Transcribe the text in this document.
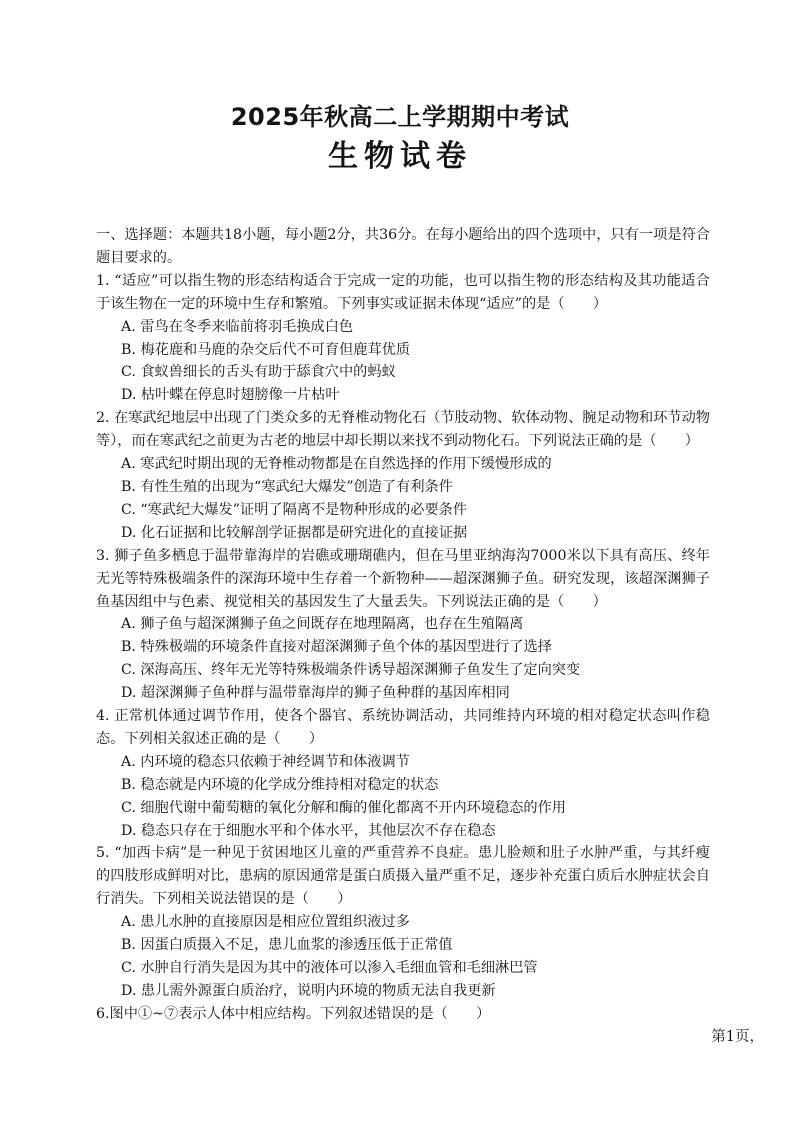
2025年秋高二上学期期中考试
生物试卷

一、选择题：本题共18小题，每小题2分，共36分。在每小题给出的四个选项中，只有一项是符合题目要求的。

1. “适应”可以指生物的形态结构适合于完成一定的功能，也可以指生物的形态结构及其功能适合于该生物在一定的环境中生存和繁殖。下列事实或证据未体现“适应”的是（　　）

A. 雷鸟在冬季来临前将羽毛换成白色

B. 梅花鹿和马鹿的杂交后代不可育但鹿茸优质

C. 食蚁兽细长的舌头有助于舔食穴中的蚂蚁

D. 枯叶蝶在停息时翅膀像一片枯叶

2. 在寒武纪地层中出现了门类众多的无脊椎动物化石（节肢动物、软体动物、腕足动物和环节动物等），而在寒武纪之前更为古老的地层中却长期以来找不到动物化石。下列说法正确的是（　　）

A. 寒武纪时期出现的无脊椎动物都是在自然选择的作用下缓慢形成的

B. 有性生殖的出现为“寒武纪大爆发”创造了有利条件

C. “寒武纪大爆发”证明了隔离不是物种形成的必要条件

D. 化石证据和比较解剖学证据都是研究进化的直接证据

3. 狮子鱼多栖息于温带靠海岸的岩礁或珊瑚礁内，但在马里亚纳海沟7000米以下具有高压、终年无光等特殊极端条件的深海环境中生存着一个新物种——超深渊狮子鱼。研究发现，该超深渊狮子鱼基因组中与色素、视觉相关的基因发生了大量丢失。下列说法正确的是（　　）

A. 狮子鱼与超深渊狮子鱼之间既存在地理隔离，也存在生殖隔离

B. 特殊极端的环境条件直接对超深渊狮子鱼个体的基因型进行了选择

C. 深海高压、终年无光等特殊极端条件诱导超深渊狮子鱼发生了定向突变

D. 超深渊狮子鱼种群与温带靠海岸的狮子鱼种群的基因库相同

4. 正常机体通过调节作用，使各个器官、系统协调活动，共同维持内环境的相对稳定状态叫作稳态。下列相关叙述正确的是（　　）

A. 内环境的稳态只依赖于神经调节和体液调节

B. 稳态就是内环境的化学成分维持相对稳定的状态

C. 细胞代谢中葡萄糖的氧化分解和酶的催化都离不开内环境稳态的作用

D. 稳态只存在于细胞水平和个体水平，其他层次不存在稳态

5. “加西卡病”是一种见于贫困地区儿童的严重营养不良症。患儿脸颊和肚子水肿严重，与其纤瘦的四肢形成鲜明对比，患病的原因通常是蛋白质摄入量严重不足，逐步补充蛋白质后水肿症状会自行消失。下列相关说法错误的是（　　）

A. 患儿水肿的直接原因是相应位置组织液过多

B. 因蛋白质摄入不足，患儿血浆的渗透压低于正常值

C. 水肿自行消失是因为其中的液体可以渗入毛细血管和毛细淋巴管

D. 患儿需外源蛋白质治疗，说明内环境的物质无法自我更新

6.图中①~⑦表示人体中相应结构。下列叙述错误的是（　　）

第1页，
